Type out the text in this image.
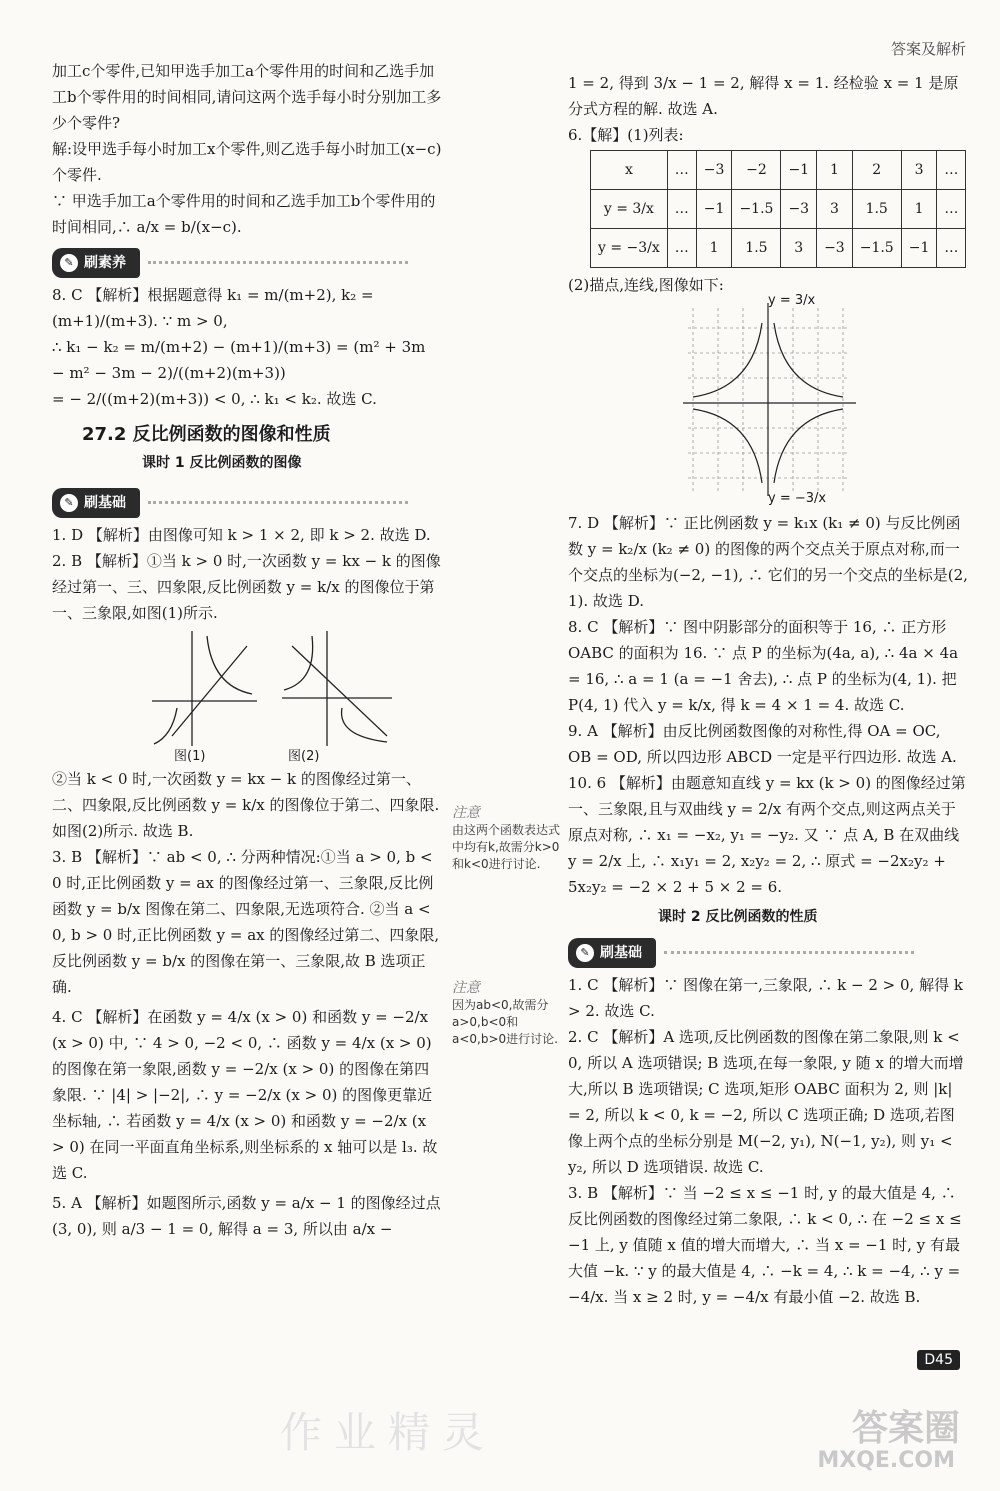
答案及解析

加工c个零件,已知甲选手加工a个零件用的时间和乙选手加工b个零件用的时间相同,请问这两个选手每小时分别加工多少个零件?

解:设甲选手每小时加工x个零件,则乙选手每小时加工(x−c)个零件.

∵ 甲选手加工a个零件用的时间和乙选手加工b个零件用的时间相同,∴ a/x = b/(x−c).

✎ 刷素养

8. C 【解析】根据题意得 k₁ = m/(m+2), k₂ = (m+1)/(m+3). ∵ m > 0,

∴ k₁ − k₂ = m/(m+2) − (m+1)/(m+3) = (m² + 3m − m² − 3m − 2)/((m+2)(m+3))

= − 2/((m+2)(m+3)) < 0, ∴ k₁ < k₂. 故选 C.

27.2 反比例函数的图像和性质
课时 1 反比例函数的图像
✎ 刷基础

1. D 【解析】由图像可知 k > 1 × 2, 即 k > 2. 故选 D.

2. B 【解析】①当 k > 0 时,一次函数 y = kx − k 的图像经过第一、三、四象限,反比例函数 y = k/x 的图像位于第一、三象限,如图(1)所示.

图(1)	图(2)

②当 k < 0 时,一次函数 y = kx − k 的图像经过第一、二、四象限,反比例函数 y = k/x 的图像位于第二、四象限. 如图(2)所示. 故选 B.

3. B 【解析】∵ ab < 0, ∴ 分两种情况:①当 a > 0, b < 0 时,正比例函数 y = ax 的图像经过第一、三象限,反比例函数 y = b/x 图像在第二、四象限,无选项符合. ②当 a < 0, b > 0 时,正比例函数 y = ax 的图像经过第二、四象限,反比例函数 y = b/x 的图像在第一、三象限,故 B 选项正确.

4. C 【解析】在函数 y = 4/x (x > 0) 和函数 y = −2/x (x > 0) 中, ∵ 4 > 0, −2 < 0, ∴ 函数 y = 4/x (x > 0) 的图像在第一象限,函数 y = −2/x (x > 0) 的图像在第四象限. ∵ |4| > |−2|, ∴ y = −2/x (x > 0) 的图像更靠近坐标轴, ∴ 若函数 y = 4/x (x > 0) 和函数 y = −2/x (x > 0) 在同一平面直角坐标系,则坐标系的 x 轴可以是 l₃. 故选 C.

5. A 【解析】如题图所示,函数 y = a/x − 1 的图像经过点(3, 0), 则 a/3 − 1 = 0, 解得 a = 3, 所以由 a/x −

注意
由这两个函数表达式中均有k,故需分k>0和k<0进行讨论.
注意
因为ab<0,故需分a>0,b<0和a<0,b>0进行讨论.

1 = 2, 得到 3/x − 1 = 2, 解得 x = 1. 经检验 x = 1 是原分式方程的解. 故选 A.

6.【解】(1)列表:

x	…	−3	−2	−1	1	2	3	…
y = 3/x	…	−1	−1.5	−3	3	1.5	1	…
y = −3/x	…	1	1.5	3	−3	−1.5	−1	…

(2)描点,连线,图像如下:

y = 3/x
y = −3/x

7. D 【解析】∵ 正比例函数 y = k₁x (k₁ ≠ 0) 与反比例函数 y = k₂/x (k₂ ≠ 0) 的图像的两个交点关于原点对称,而一个交点的坐标为(−2, −1), ∴ 它们的另一个交点的坐标是(2, 1). 故选 D.

8. C 【解析】∵ 图中阴影部分的面积等于 16, ∴ 正方形 OABC 的面积为 16. ∵ 点 P 的坐标为(4a, a), ∴ 4a × 4a = 16, ∴ a = 1 (a = −1 舍去), ∴ 点 P 的坐标为(4, 1). 把 P(4, 1) 代入 y = k/x, 得 k = 4 × 1 = 4. 故选 C.

9. A 【解析】由反比例函数图像的对称性,得 OA = OC, OB = OD, 所以四边形 ABCD 一定是平行四边形. 故选 A.

10. 6 【解析】由题意知直线 y = kx (k > 0) 的图像经过第一、三象限,且与双曲线 y = 2/x 有两个交点,则这两点关于原点对称, ∴ x₁ = −x₂, y₁ = −y₂. 又 ∵ 点 A, B 在双曲线 y = 2/x 上, ∴ x₁y₁ = 2, x₂y₂ = 2, ∴ 原式 = −2x₂y₂ + 5x₂y₂ = −2 × 2 + 5 × 2 = 6.

课时 2 反比例函数的性质
✎ 刷基础

1. C 【解析】∵ 图像在第一,三象限, ∴ k − 2 > 0, 解得 k > 2. 故选 C.

2. C 【解析】A 选项,反比例函数的图像在第二象限,则 k < 0, 所以 A 选项错误; B 选项,在每一象限, y 随 x 的增大而增大,所以 B 选项错误; C 选项,矩形 OABC 面积为 2, 则 |k| = 2, 所以 k < 0, k = −2, 所以 C 选项正确; D 选项,若图像上两个点的坐标分别是 M(−2, y₁), N(−1, y₂), 则 y₁ < y₂, 所以 D 选项错误. 故选 C.

3. B 【解析】∵ 当 −2 ≤ x ≤ −1 时, y 的最大值是 4, ∴ 反比例函数的图像经过第二象限, ∴ k < 0, ∴ 在 −2 ≤ x ≤ −1 上, y 值随 x 值的增大而增大, ∴ 当 x = −1 时, y 有最大值 −k. ∵ y 的最大值是 4, ∴ −k = 4, ∴ k = −4, ∴ y = −4/x. 当 x ≥ 2 时, y = −4/x 有最小值 −2. 故选 B.

D45
作业精灵	答案圈
MXQE.COM
